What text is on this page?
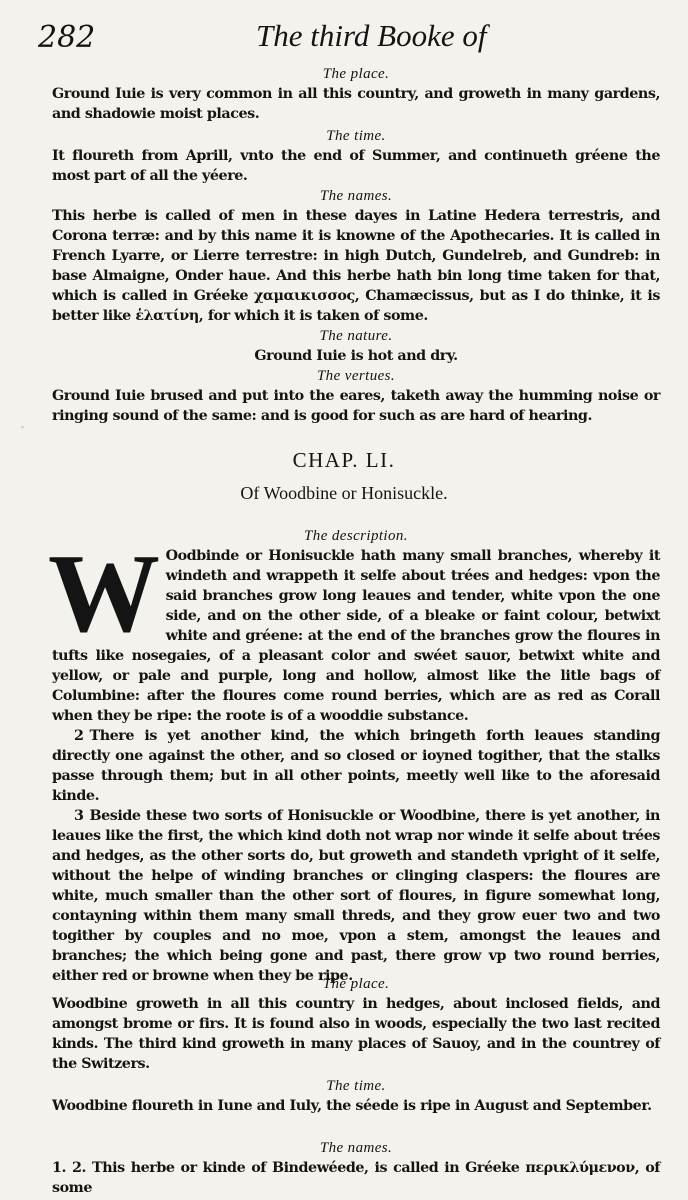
282	The third Booke of
·
The place.

Ground Iuie is very common in all this country, and groweth in many gardens, and shadowie moist places.

The time.

It floureth from Aprill, vnto the end of Summer, and continueth gréene the most part of all the yéere.

The names.

This herbe is called of men in these dayes in Latine Hedera terrestris, and Corona terræ: and by this name it is knowne of the Apothecaries. It is called in French Lyarre, or Lierre terrestre: in high Dutch, Gundelreb, and Gundreb: in base Almaigne, Onder haue. And this herbe hath bin long time taken for that, which is called in Gréeke χαμαικισσος, Chamæcissus, but as I do thinke, it is better like ἑλατίνη, for which it is taken of some.

The nature.

Ground Iuie is hot and dry.

The vertues.

Ground Iuie brused and put into the eares, taketh away the humming noise or ringing sound of the same: and is good for such as are hard of hearing.

CHAP. LI.
Of Woodbine or Honisuckle.
The description.

W Oodbinde or Honisuckle hath many small branches, whereby it windeth and wrappeth it selfe about trées and hedges: vpon the said branches grow long leaues and tender, white vpon the one side, and on the other side, of a bleake or faint colour, betwixt white and gréene: at the end of the branches grow the floures in tufts like nosegaies, of a pleasant color and swéet sauor, betwixt white and yellow, or pale and purple, long and hollow, almost like the litle bags of Columbine: after the floures come round berries, which are as red as Corall when they be ripe: the roote is of a wooddie substance.

2 There is yet another kind, the which bringeth forth leaues standing directly one against the other, and so closed or ioyned togither, that the stalks passe through them; but in all other points, meetly well like to the aforesaid kinde.

3 Beside these two sorts of Honisuckle or Woodbine, there is yet another, in leaues like the first, the which kind doth not wrap nor winde it selfe about trées and hedges, as the other sorts do, but groweth and standeth vpright of it selfe, without the helpe of winding branches or clinging claspers: the floures are white, much smaller than the other sort of floures, in figure somewhat long, contayning within them many small threds, and they grow euer two and two togither by couples and no moe, vpon a stem, amongst the leaues and branches; the which being gone and past, there grow vp two round berries, either red or browne when they be ripe.

The place.

Woodbine groweth in all this country in hedges, about inclosed fields, and amongst brome or firs. It is found also in woods, especially the two last recited kinds. The third kind groweth in many places of Sauoy, and in the countrey of the Switzers.

The time.

Woodbine floureth in Iune and Iuly, the séede is ripe in August and September.

The names.

1. 2. This herbe or kinde of Bindewéede, is called in Gréeke περικλύμενον, of some
